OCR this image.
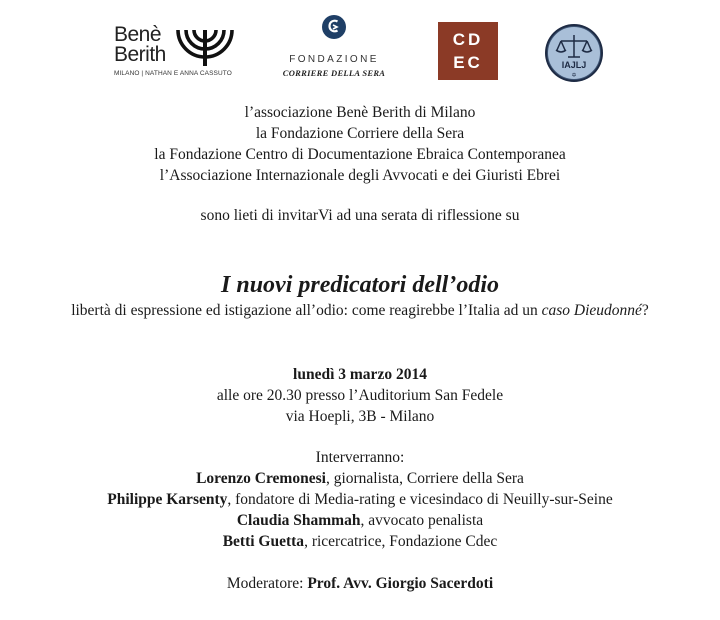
Benè
Berith
MILANO | NATHAN E ANNA CASSUTO
FONDAZIONE
CORRIERE DELLA SERA
CD
EC	IAJLJ
✡
l’associazione Benè Berith di Milano
la Fondazione Corriere della Sera
la Fondazione Centro di Documentazione Ebraica Contemporanea
l’Associazione Internazionale degli Avvocati e dei Giuristi Ebrei
sono lieti di invitarVi ad una serata di riflessione su
I nuovi predicatori dell’odio
libertà di espressione ed istigazione all’odio: come reagirebbe l’Italia ad un caso Dieudonné?
lunedì 3 marzo 2014
alle ore 20.30 presso l’Auditorium San Fedele
via Hoepli, 3B - Milano
Interverranno:
Lorenzo Cremonesi, giornalista, Corriere della Sera
Philippe Karsenty, fondatore di Media-rating e vicesindaco di Neuilly-sur-Seine
Claudia Shammah, avvocato penalista
Betti Guetta, ricercatrice, Fondazione Cdec
Moderatore: Prof. Avv. Giorgio Sacerdoti
